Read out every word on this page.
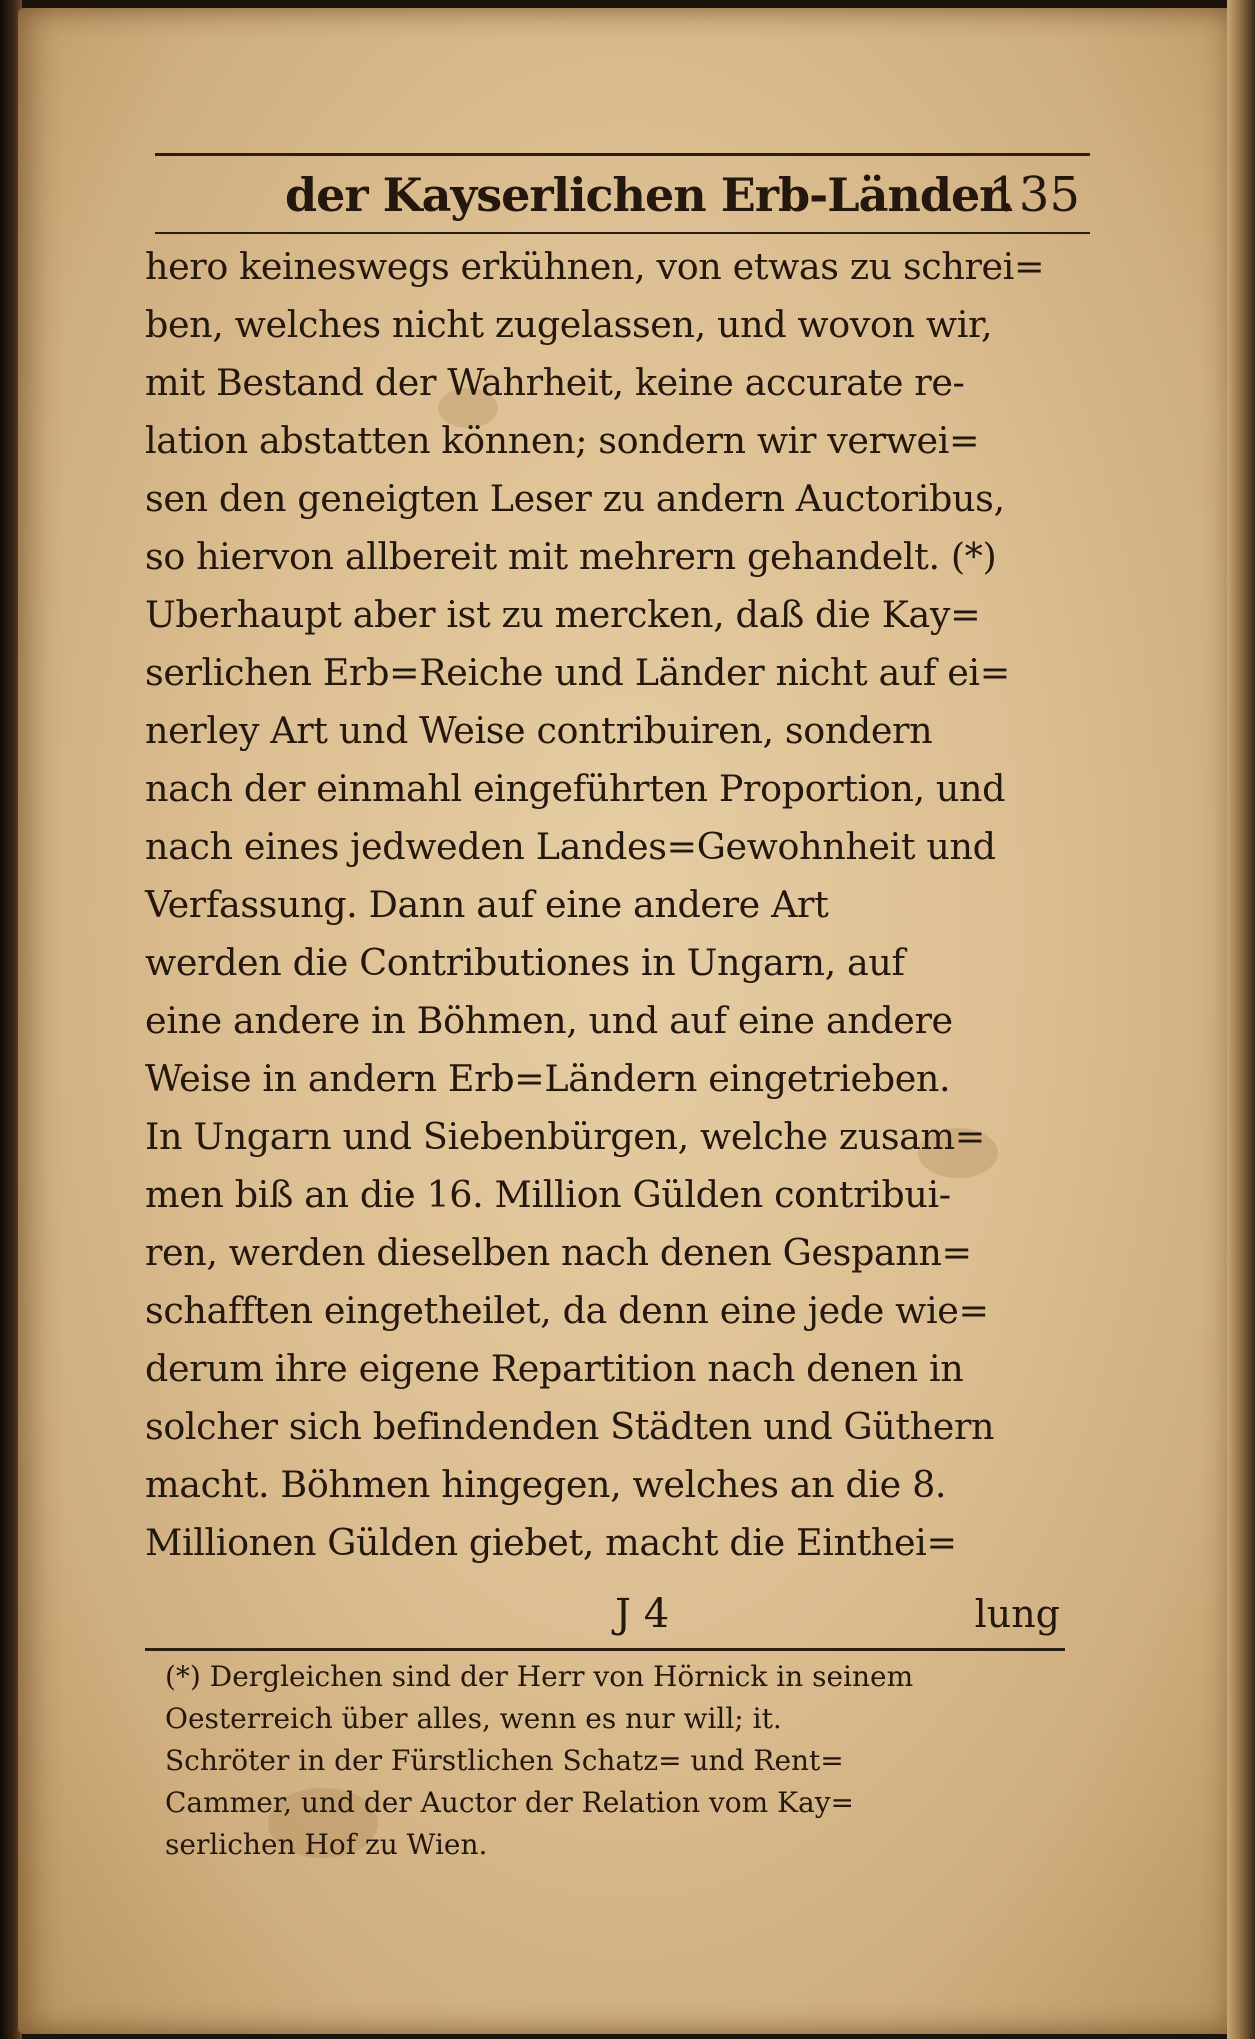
der Kayserlichen Erb-Länder.
135
hero keineswegs erkühnen, von etwas zu schrei=
ben, welches nicht zugelassen, und wovon wir,
mit Bestand der Wahrheit, keine accurate re-
lation abstatten können; sondern wir verwei=
sen den geneigten Leser zu andern Auctoribus,
so hiervon allbereit mit mehrern gehandelt. (*)
Uberhaupt aber ist zu mercken, daß die Kay=
serlichen Erb=Reiche und Länder nicht auf ei=
nerley Art und Weise contribuiren, sondern
nach der einmahl eingeführten Proportion, und
nach eines jedweden Landes=Gewohnheit und
Verfassung. Dann auf eine andere Art
werden die Contributiones in Ungarn, auf
eine andere in Böhmen, und auf eine andere
Weise in andern Erb=Ländern eingetrieben.
In Ungarn und Siebenbürgen, welche zusam=
men biß an die 16. Million Gülden contribui-
ren, werden dieselben nach denen Gespann=
schafften eingetheilet, da denn eine jede wie=
derum ihre eigene Repartition nach denen in
solcher sich befindenden Städten und Güthern
macht. Böhmen hingegen, welches an die 8.
Millionen Gülden giebet, macht die Einthei=
J 4	lung
(*) Dergleichen sind der Herr von Hörnick in seinem
Oesterreich über alles, wenn es nur will; it.
Schröter in der Fürstlichen Schatz= und Rent=
Cammer, und der Auctor der Relation vom Kay=
serlichen Hof zu Wien.
